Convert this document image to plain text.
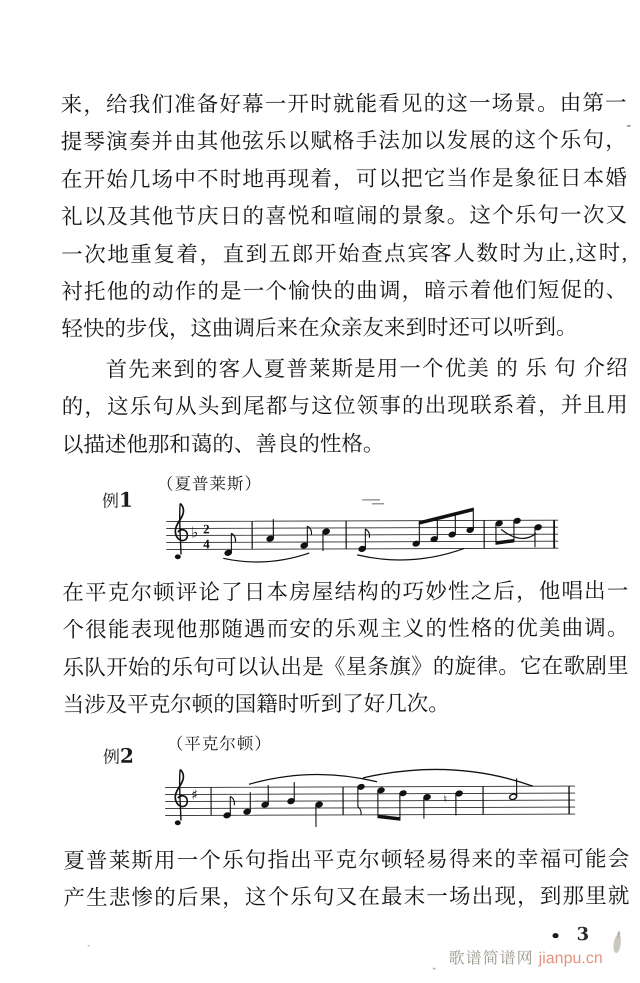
来，给我们准备好幕一开时就能看见的这一场景。由第一
提琴演奏并由其他弦乐以赋格手法加以发展的这个乐句，
在开始几场中不时地再现着，可以把它当作是象征日本婚
礼以及其他节庆日的喜悦和喧闹的景象。这个乐句一次又
一次地重复着，直到五郎开始查点宾客人数时为止,这时,
衬托他的动作的是一个愉快的曲调，暗示着他们短促的、
轻快的步伐，这曲调后来在众亲友来到时还可以听到。
首先来到的客人夏普莱斯是用一个优美 的 乐 句 介绍
的，这乐句从头到尾都与这位领事的出现联系着，并且用
以描述他那和蔼的、善良的性格。
（夏普莱斯）
例1
♭ 2
4
在平克尔顿评论了日本房屋结构的巧妙性之后，他唱出一
个很能表现他那随遇而安的乐观主义的性格的优美曲调。
乐队开始的乐句可以认出是《星条旗》的旋律。它在歌剧里
当涉及平克尔顿的国籍时听到了好几次。
（平克尔顿）
例2
♯	♮
夏普莱斯用一个乐句指出平克尔顿轻易得来的幸福可能会
产生悲惨的后果，这个乐句又在最末一场出现，到那里就
3
歌谱简谱网 jianpu.cn
